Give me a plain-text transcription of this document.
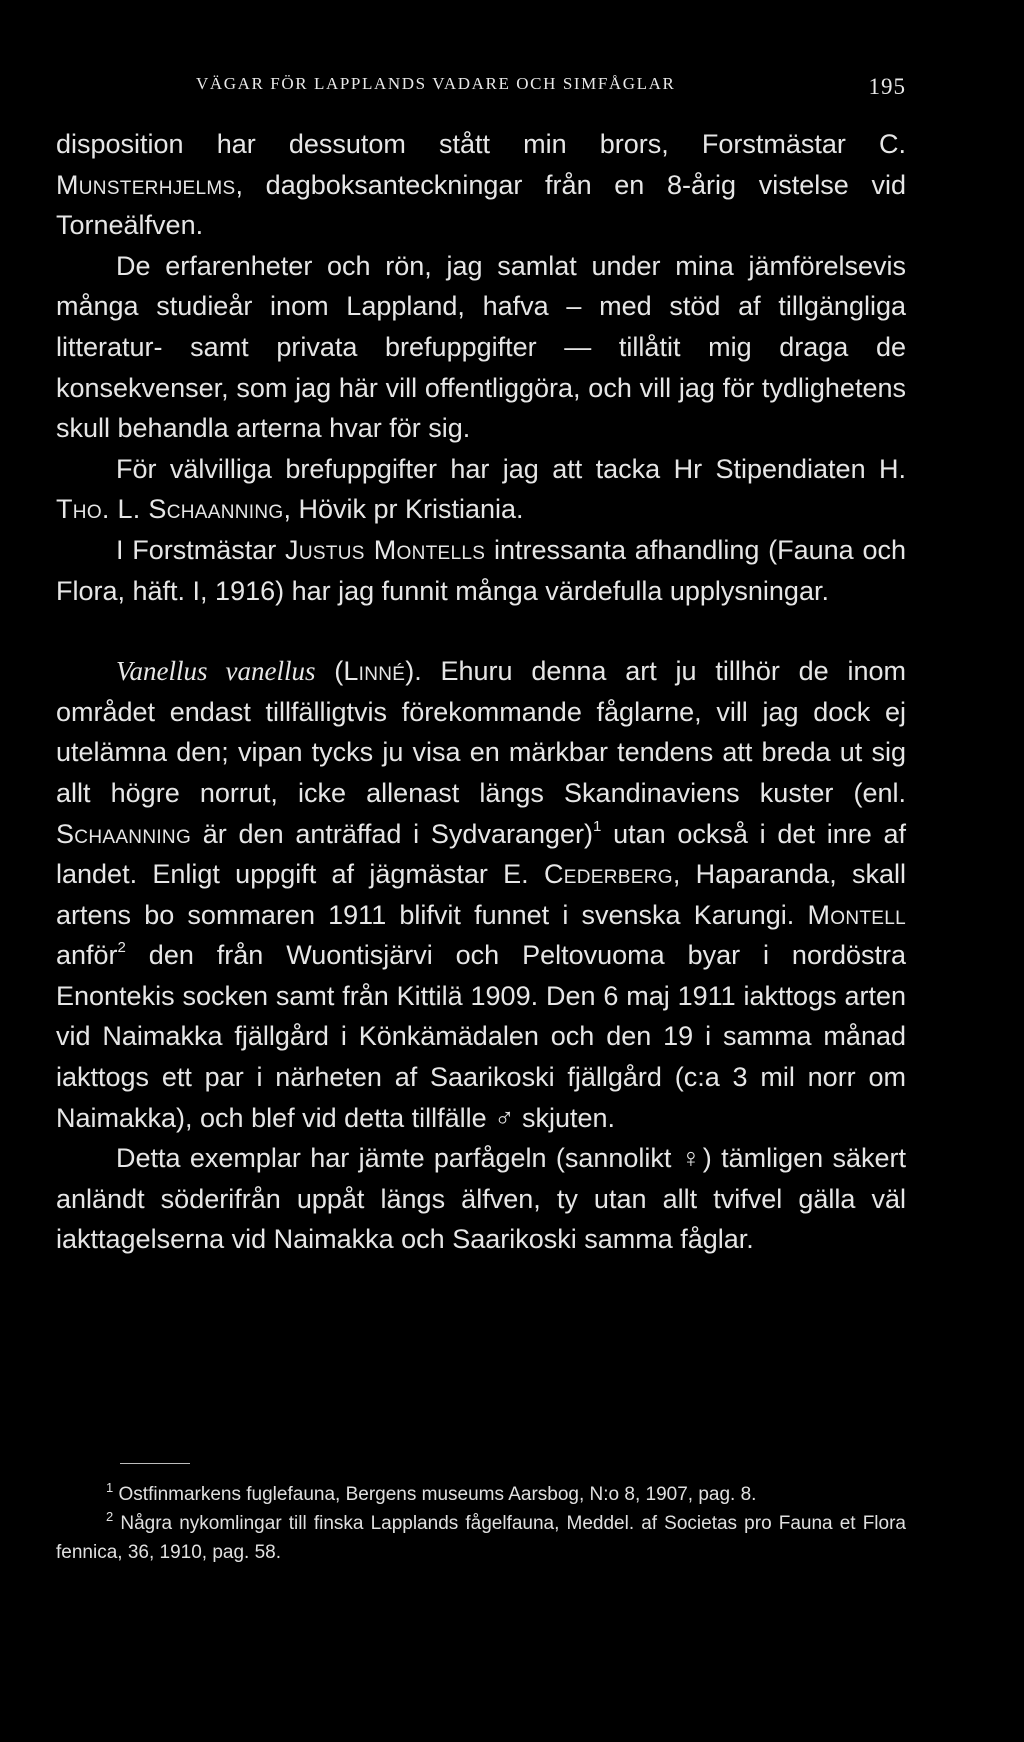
VÄGAR FÖR LAPPLANDS VADARE OCH SIMFÅGLAR	195

disposition har dessutom stått min brors, Forstmästar C. Munsterhjelms, dagboksanteckningar från en 8-årig vistelse vid Torneälfven.

De erfarenheter och rön, jag samlat under mina jämförelsevis många studieår inom Lappland, hafva – med stöd af tillgängliga litteratur- samt privata brefuppgifter — tillåtit mig draga de konsekvenser, som jag här vill offentliggöra, och vill jag för tydlighetens skull behandla arterna hvar för sig.

För välvilliga brefuppgifter har jag att tacka Hr Stipendiaten H. Tho. L. Schaanning, Hövik pr Kristiania.

I Forstmästar Justus Montells intressanta afhandling (Fauna och Flora, häft. I, 1916) har jag funnit många värdefulla upplysningar.

Vanellus vanellus (Linné). Ehuru denna art ju tillhör de inom området endast tillfälligtvis förekommande fåglarne, vill jag dock ej utelämna den; vipan tycks ju visa en märkbar tendens att breda ut sig allt högre norrut, icke allenast längs Skandinaviens kuster (enl. Schaanning är den anträffad i Sydvaranger)$^1$ utan också i det inre af landet. Enligt uppgift af jägmästar E. Cederberg, Haparanda, skall artens bo sommaren 1911 blifvit funnet i svenska Karungi. Montell anför$^2$ den från Wuontisjärvi och Peltovuoma byar i nordöstra Enontekis socken samt från Kittilä 1909. Den 6 maj 1911 iakttogs arten vid Naimakka fjällgård i Könkämädalen och den 19 i samma månad iakttogs ett par i närheten af Saarikoski fjällgård (c:a 3 mil norr om Naimakka), och blef vid detta tillfälle ♂ skjuten.

Detta exemplar har jämte parfågeln (sannolikt ♀) tämligen säkert anländt söderifrån uppåt längs älfven, ty utan allt tvifvel gälla väl iakttagelserna vid Naimakka och Saarikoski samma fåglar.

$^1$ Ostfinmarkens fuglefauna, Bergens museums Aarsbog, N:o 8, 1907, pag. 8.

$^2$ Några nykomlingar till finska Lapplands fågelfauna, Meddel. af Societas pro Fauna et Flora fennica, 36, 1910, pag. 58.
